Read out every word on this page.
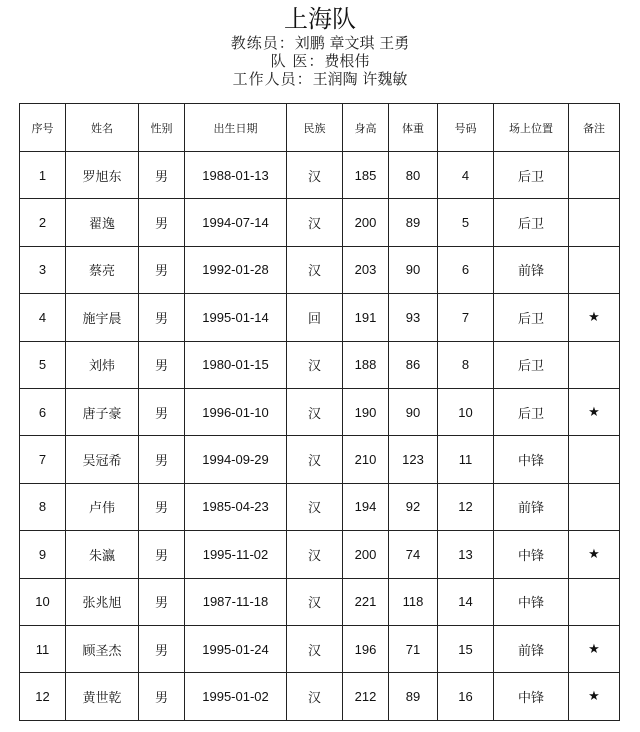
上海队
教练员：刘鹏 章文琪 王勇
队 医：费根伟
工作人员：王润陶 许魏敏
序号	姓名	性别	出生日期	民族	身高	体重	号码	场上位置	备注
1	罗旭东	男	1988-01-13	汉	185	80	4	后卫	
2	翟逸	男	1994-07-14	汉	200	89	5	后卫	
3	蔡亮	男	1992-01-28	汉	203	90	6	前锋	
4	施宇晨	男	1995-01-14	回	191	93	7	后卫	★
5	刘炜	男	1980-01-15	汉	188	86	8	后卫	
6	唐子豪	男	1996-01-10	汉	190	90	10	后卫	★
7	吴冠希	男	1994-09-29	汉	210	123	11	中锋	
8	卢伟	男	1985-04-23	汉	194	92	12	前锋	
9	朱瀛	男	1995-11-02	汉	200	74	13	中锋	★
10	张兆旭	男	1987-11-18	汉	221	118	14	中锋	
11	顾圣杰	男	1995-01-24	汉	196	71	15	前锋	★
12	黄世乾	男	1995-01-02	汉	212	89	16	中锋	★
